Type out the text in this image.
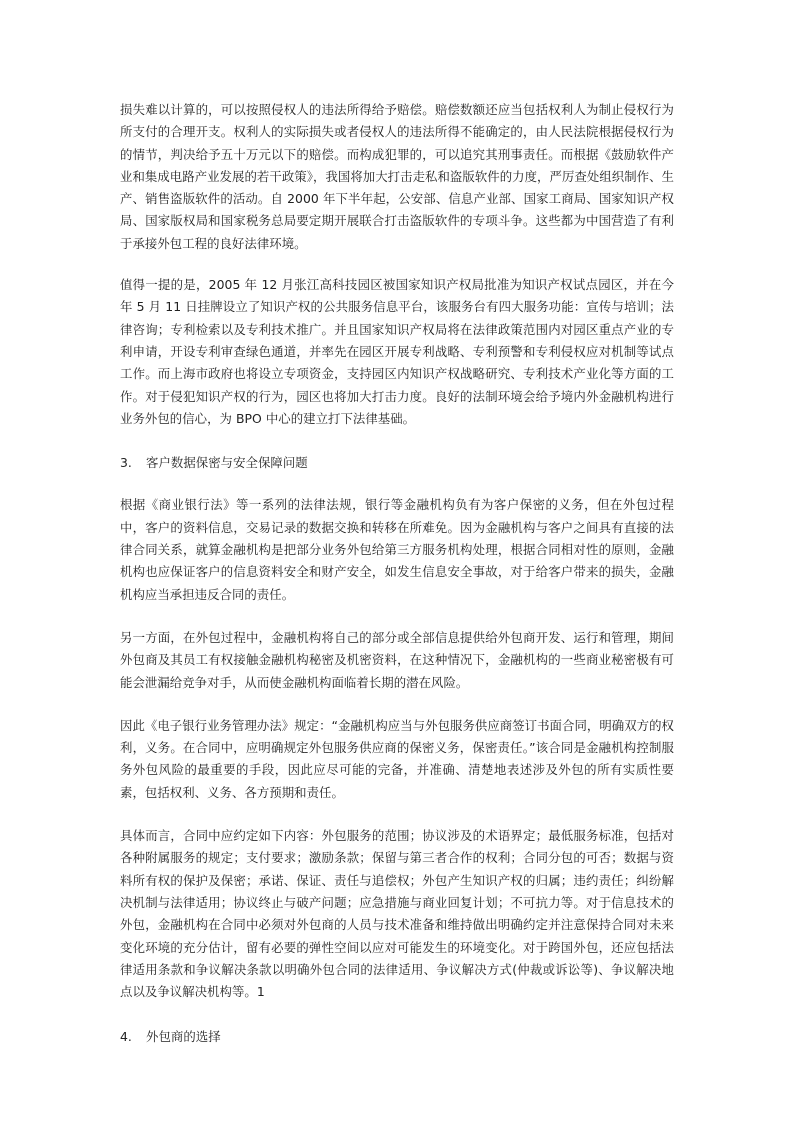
损失难以计算的，可以按照侵权人的违法所得给予赔偿。赔偿数额还应当包括权利人为制止侵权行为所支付的合理开支。权利人的实际损失或者侵权人的违法所得不能确定的，由人民法院根据侵权行为的情节，判决给予五十万元以下的赔偿。而构成犯罪的，可以追究其刑事责任。而根据《鼓励软件产业和集成电路产业发展的若干政策》，我国将加大打击走私和盗版软件的力度，严厉查处组织制作、生产、销售盗版软件的活动。自 2000 年下半年起，公安部、信息产业部、国家工商局、国家知识产权局、国家版权局和国家税务总局要定期开展联合打击盗版软件的专项斗争。这些都为中国营造了有利于承接外包工程的良好法律环境。

值得一提的是，2005 年 12 月张江高科技园区被国家知识产权局批准为知识产权试点园区，并在今年 5 月 11 日挂牌设立了知识产权的公共服务信息平台，该服务台有四大服务功能：宣传与培训；法律咨询；专利检索以及专利技术推广。并且国家知识产权局将在法律政策范围内对园区重点产业的专利申请，开设专利审查绿色通道，并率先在园区开展专利战略、专利预警和专利侵权应对机制等试点工作。而上海市政府也将设立专项资金，支持园区内知识产权战略研究、专利技术产业化等方面的工作。对于侵犯知识产权的行为，园区也将加大打击力度。良好的法制环境会给予境内外金融机构进行业务外包的信心，为 BPO 中心的建立打下法律基础。

3. 客户数据保密与安全保障问题

根据《商业银行法》等一系列的法律法规，银行等金融机构负有为客户保密的义务，但在外包过程中，客户的资料信息，交易记录的数据交换和转移在所难免。因为金融机构与客户之间具有直接的法律合同关系，就算金融机构是把部分业务外包给第三方服务机构处理，根据合同相对性的原则，金融机构也应保证客户的信息资料安全和财产安全，如发生信息安全事故，对于给客户带来的损失，金融机构应当承担违反合同的责任。

另一方面，在外包过程中，金融机构将自己的部分或全部信息提供给外包商开发、运行和管理，期间外包商及其员工有权接触金融机构秘密及机密资料，在这种情况下，金融机构的一些商业秘密极有可能会泄漏给竞争对手，从而使金融机构面临着长期的潜在风险。

因此《电子银行业务管理办法》规定：“金融机构应当与外包服务供应商签订书面合同，明确双方的权利，义务。在合同中，应明确规定外包服务供应商的保密义务，保密责任。”该合同是金融机构控制服务外包风险的最重要的手段，因此应尽可能的完备，并准确、清楚地表述涉及外包的所有实质性要素，包括权利、义务、各方预期和责任。

具体而言，合同中应约定如下内容：外包服务的范围；协议涉及的术语界定；最低服务标准，包括对各种附属服务的规定；支付要求；激励条款；保留与第三者合作的权利；合同分包的可否；数据与资料所有权的保护及保密；承诺、保证、责任与追偿权；外包产生知识产权的归属；违约责任；纠纷解决机制与法律适用；协议终止与破产问题；应急措施与商业回复计划；不可抗力等。对于信息技术的外包，金融机构在合同中必须对外包商的人员与技术准备和维持做出明确约定并注意保持合同对未来变化环境的充分估计，留有必要的弹性空间以应对可能发生的环境变化。对于跨国外包，还应包括法律适用条款和争议解决条款以明确外包合同的法律适用、争议解决方式(仲裁或诉讼等)、争议解决地点以及争议解决机构等。1

4. 外包商的选择
